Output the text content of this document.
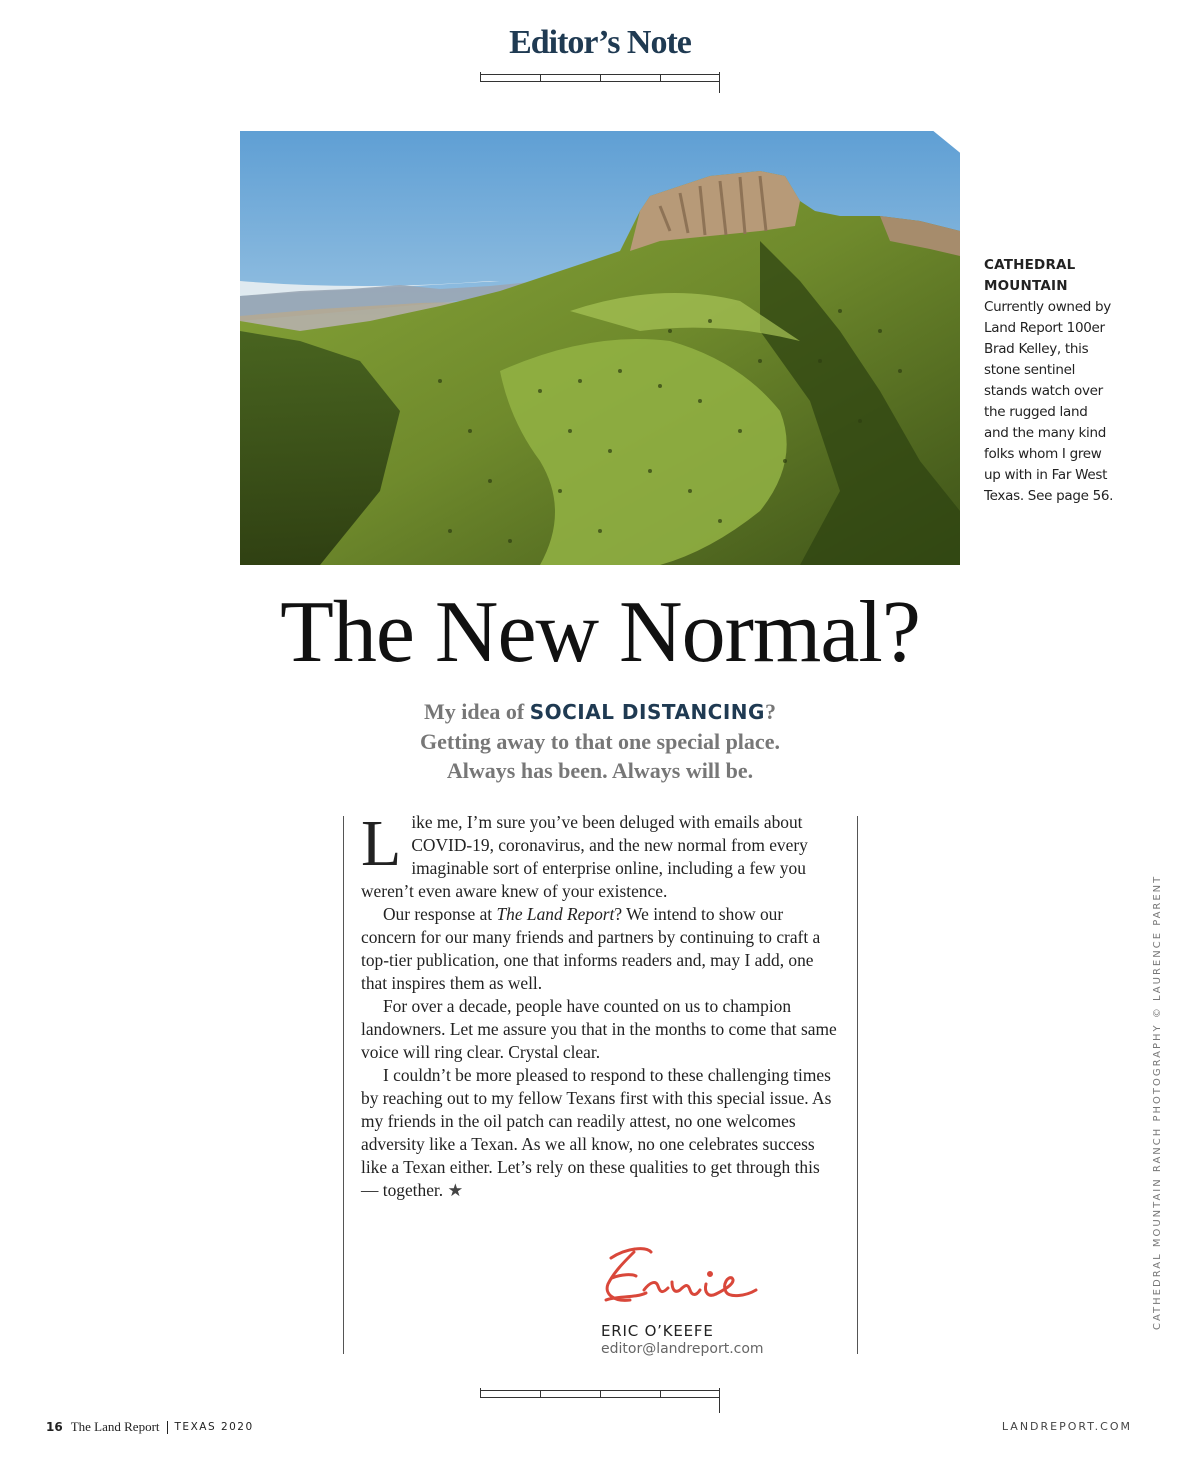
Editor’s Note
CATHEDRAL MOUNTAIN
Currently owned by Land Report 100er Brad Kelley, this stone sentinel stands watch over the rugged land and the many kind folks whom I grew up with in Far West Texas. See page 56.
The New Normal?
My idea of SOCIAL DISTANCING?
Getting away to that one special place.
Always has been. Always will be.

Like me, I’m sure you’ve been deluged with emails about COVID-19, coronavirus, and the new normal from every imaginable sort of enterprise online, including a few you weren’t even aware knew of your existence.

Our response at The Land Report? We intend to show our concern for our many friends and partners by continuing to craft a top-tier publication, one that informs readers and, may I add, one that inspires them as well.

For over a decade, people have counted on us to champion landowners. Let me assure you that in the months to come that same voice will ring clear. Crystal clear.

I couldn’t be more pleased to respond to these challenging times by reaching out to my fellow Texans first with this special issue. As my friends in the oil patch can readily attest, no one welcomes adversity like a Texan. As we all know, no one celebrates success like a Texan either. Let’s rely on these qualities to get through this — together. ★

ERIC O’KEEFE
editor@landreport.com
CATHEDRAL MOUNTAIN RANCH PHOTOGRAPHY © LAURENCE PARENT
16 The Land Report TEXAS 2020	LANDREPORT.COM
